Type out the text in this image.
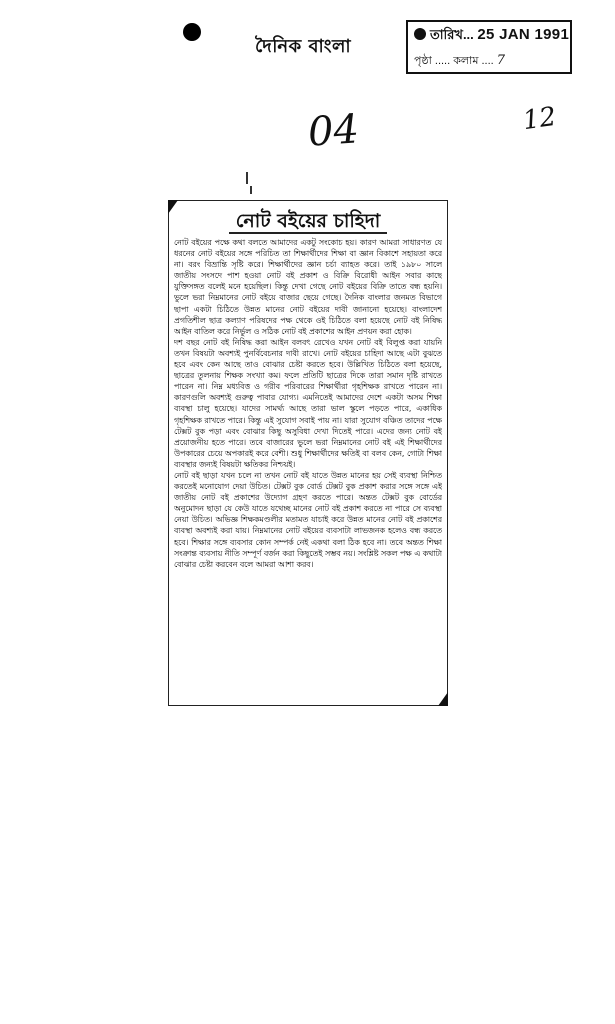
দৈনিক বাংলা
তারিখ... 25 JAN 1991
পৃষ্ঠা ..... কলাম .... 7
04	12
নোট বইয়ের চাহিদা

নোট বইয়ের পক্ষে কথা বলতে আমাদের একটু সংকোচ হয়। কারণ আমরা সাধারণত যে ধরনের নোট বইয়ের সঙ্গে পরিচিত তা শিক্ষার্থীদের শিক্ষা বা জ্ঞান বিকাশে সহায়তা করে না। বরং বিভ্রান্তি সৃষ্টি করে। শিক্ষার্থীদের জ্ঞান চর্চা ব্যাহত করে। তাই ১৯৮০ সালে জাতীয় সংসদে পাশ হওয়া নোট বই প্রকাশ ও বিক্রি বিরোধী আইন সবার কাছে যুক্তিসঙ্গত বলেই মনে হয়েছিল। কিন্তু দেখা গেছে নোট বইয়ের বিক্রি তাতে বন্ধ হয়নি। ভুলে ভরা নিম্নমানের নোট বইয়ে বাজার ছেয়ে গেছে। দৈনিক বাংলার জনমত বিভাগে ছাপা একটা চিঠিতে উন্নত মানের নোট বইয়ের দাবী জানানো হয়েছে। বাংলাদেশ প্রগতিশীল ছাত্র কল্যাণ পরিষদের পক্ষ থেকে ওই চিঠিতে বলা হয়েছে নোট বই নিষিদ্ধ আইন বাতিল করে নির্ভুল ও সঠিক নোট বই প্রকাশের আইন প্রণয়ন করা হোক।

দশ বছর নোট বই নিষিদ্ধ করা আইন বলবৎ রেখেও যখন নোট বই বিলুপ্ত করা যায়নি তখন বিষয়টা অবশ্যই পুনর্বিবেচনার দাবী রাখে। নোট বইয়ের চাহিদা আছে এটা বুঝতে হবে এবং কেন আছে তাও বোঝার চেষ্টা করতে হবে। উল্লিখিত চিঠিতে বলা হয়েছে, ছাত্রের তুলনায় শিক্ষক সংখ্যা কম। ফলে প্রতিটি ছাত্রের দিকে তারা সমান দৃষ্টি রাখতে পারেন না। নিম্ন মধ্যবিত্ত ও গরীব পরিবারের শিক্ষার্থীরা গৃহশিক্ষক রাখতে পারেন না। কারণগুলি অবশ্যই গুরুত্ব পাবার যোগ্য। এমনিতেই আমাদের দেশে একটা অসম শিক্ষা ব্যবস্থা চালু হয়েছে। যাদের সামর্থ্য আছে তারা ভাল স্কুলে পড়তে পারে, একাধিক গৃহশিক্ষক রাখতে পারে। কিন্তু এই সুযোগ সবাই পায় না। যারা সুযোগ বঞ্চিত তাদের পক্ষে টেক্সট বুক পড়া এবং বোঝার কিছু অসুবিধা দেখা দিতেই পারে। এদের জন্য নোট বই প্রয়োজনীয় হতে পারে। তবে বাজারের ভুলে ভরা নিম্নমানের নোট বই এই শিক্ষার্থীদের উপকারের চেয়ে অপকারই করে বেশী। শুধু শিক্ষার্থীদের ক্ষতিই বা বলব কেন, গোটা শিক্ষা ব্যবস্থার জন্যই বিষয়টা ক্ষতিকর নিশ্চয়ই।

নোট বই ছাড়া যখন চলে না তখন নোট বই যাতে উন্নত মানের হয় সেই ব্যবস্থা নিশ্চিত করতেই মনোযোগ দেয়া উচিত। টেক্সট বুক বোর্ড টেক্সট বুক প্রকাশ করার সঙ্গে সঙ্গে এই জাতীয় নোট বই প্রকাশের উদ্যোগ গ্রহণ করতে পারে। অন্তত টেক্সট বুক বোর্ডের অনুমোদন ছাড়া যে কেউ যাতে যথেচ্ছ মানের নোট বই প্রকাশ করতে না পারে সে ব্যবস্থা নেয়া উচিত। অভিজ্ঞ শিক্ষকমণ্ডলীর মতামত যাচাই করে উন্নত মানের নোট বই প্রকাশের ব্যবস্থা অবশ্যই করা যায়। নিম্নমানের নোট বইয়ের ব্যবসাটা লাভজনক হলেও বন্ধ করতে হবে। শিক্ষার সঙ্গে ব্যবসার কোন সম্পর্ক নেই একথা বলা ঠিক হবে না। তবে অন্তত শিক্ষা সংক্রান্ত ব্যবসায় নীতি সম্পূর্ণ বর্জন করা কিছুতেই সম্ভব নয়। সংশ্লিষ্ট সকল পক্ষ এ কথাটা বোঝার চেষ্টা করবেন বলে আমরা আশা করব।
